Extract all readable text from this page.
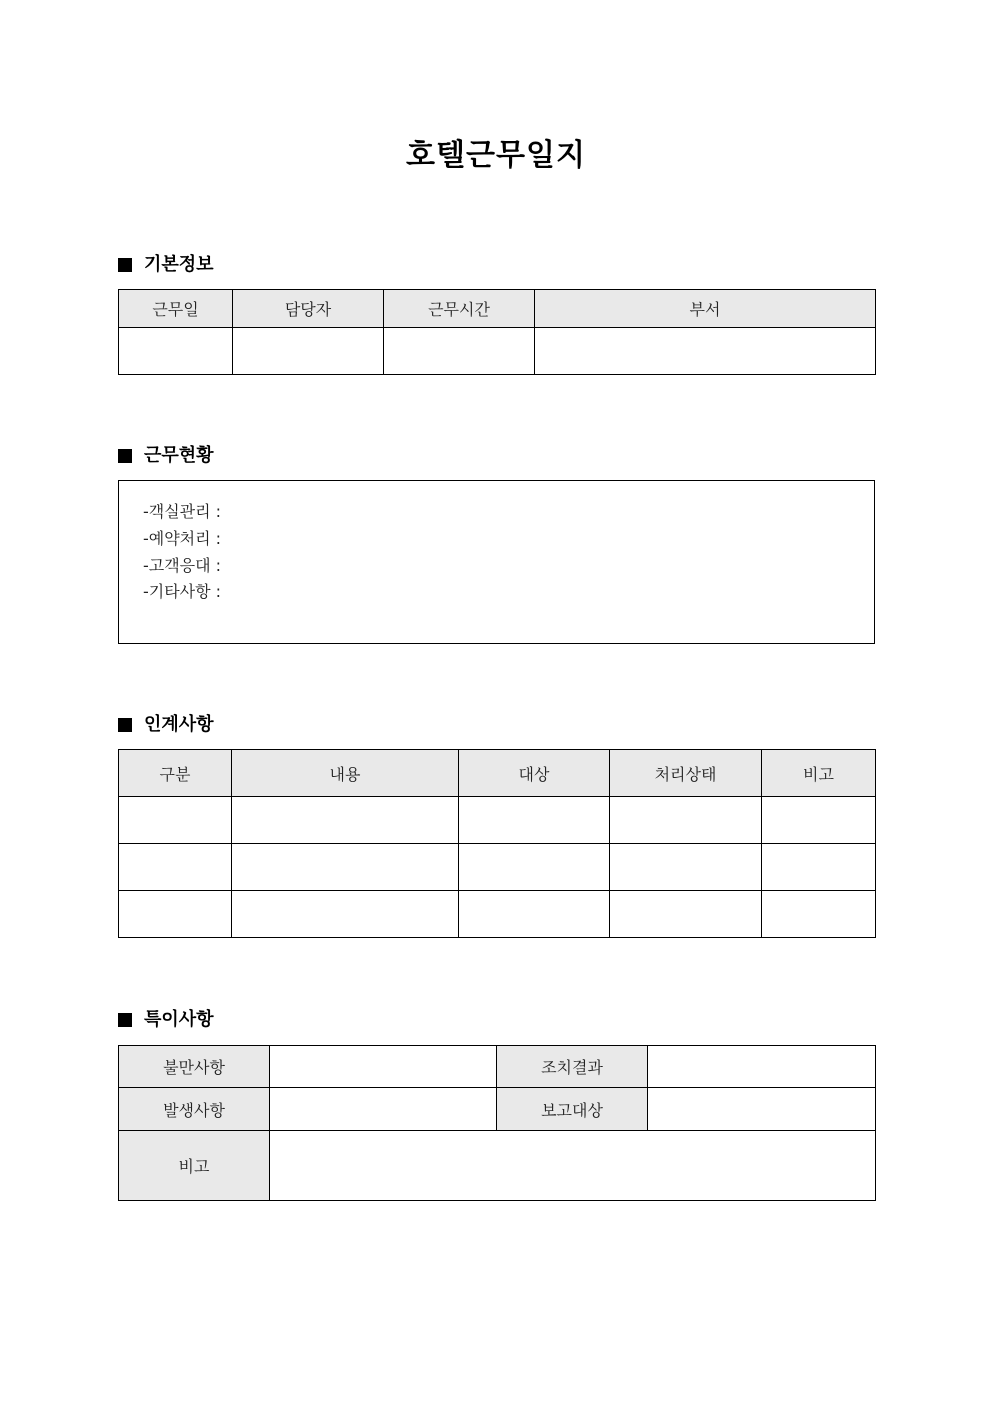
호텔근무일지
기본정보
근무일	담당자	근무시간	부서

근무현황
-객실관리 :
-예약처리 :
-고객응대 :
-기타사항 :
인계사항
구분	내용	대상	처리상태	비고

특이사항
불만사항		조치결과	
발생사항		보고대상	
비고			
